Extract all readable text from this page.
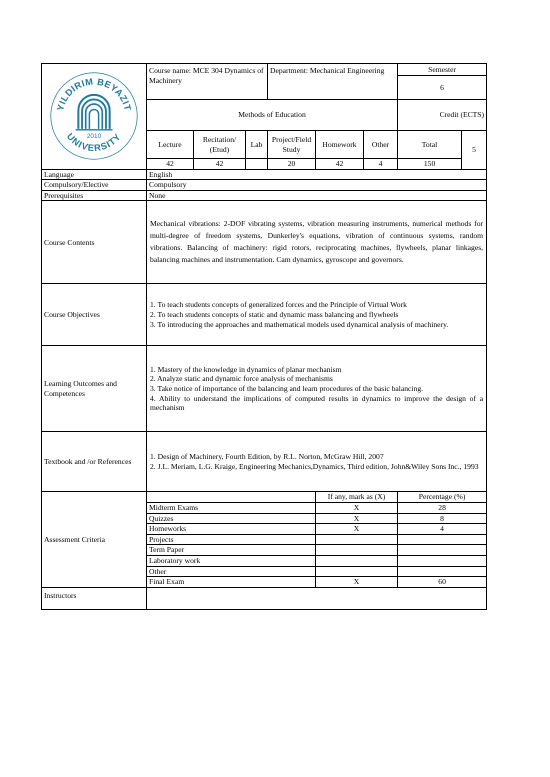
YILDIRIM BEYAZIT
UNIVERSITY
2010	Course name: MCE 304 Dynamics of Machinery			Department: Mechanical Engineering			Semester	
							6	
	Methods of Education						Credit (ECTS)	
	Lecture	Recitation/ (Etud)	Lab	Project/Field Study	Homework	Other	Total	5
	42	42		20	42	4	150	

Language	English							
Compulsory/Elective	Compulsory							
Prerequisites	None							
Course Contents	Mechanical vibrations: 2-DOF vibrating systems, vibration measuring instruments, numerical methods for multi-degree of freedom systems, Dunkerley's equations, vibration of continuous systems, random vibrations. Balancing of machinery: rigid rotors, reciprocating machines, flywheels, planar linkages, balancing machines and instrumentation. Cam dynamics, gyroscope and governors.							
Course Objectives	1. To teach students concepts of generalized forces and the Principle of Virtual Work
2. To teach students concepts of static and dynamic mass balancing and flywheels
3. To introducing the approaches and mathematical models used dynamical analysis of machinery.							

Learning Outcomes and Competences	1. Mastery of the knowledge in dynamics of planar mechanism
2. Analyze static and dynamic force analysis of mechanisms
3. Take notice of importance of the balancing and learn procedures of the basic balancing.
4. Ability to understand the implications of computed results in dynamics to improve the design of a mechanism							

Textbook and /or References	1. Design of Machinery, Fourth Edition, by R.L. Norton, McGraw Hill, 2007
2. J.L. Meriam, L.G. Kraige, Engineering Mechanics,Dynamics, Third edition, John&Wiley Sons Inc., 1993							

Assessment Criteria					If any, mark as (X)		Percentage (%)	
	Midterm Exams				X		28	
	Quizzes				X		8	
	Homeworks				X		4	
	Projects							
	Term Paper							
	Laboratory work							
	Other							
	Final Exam				X		60	
Instructors								
